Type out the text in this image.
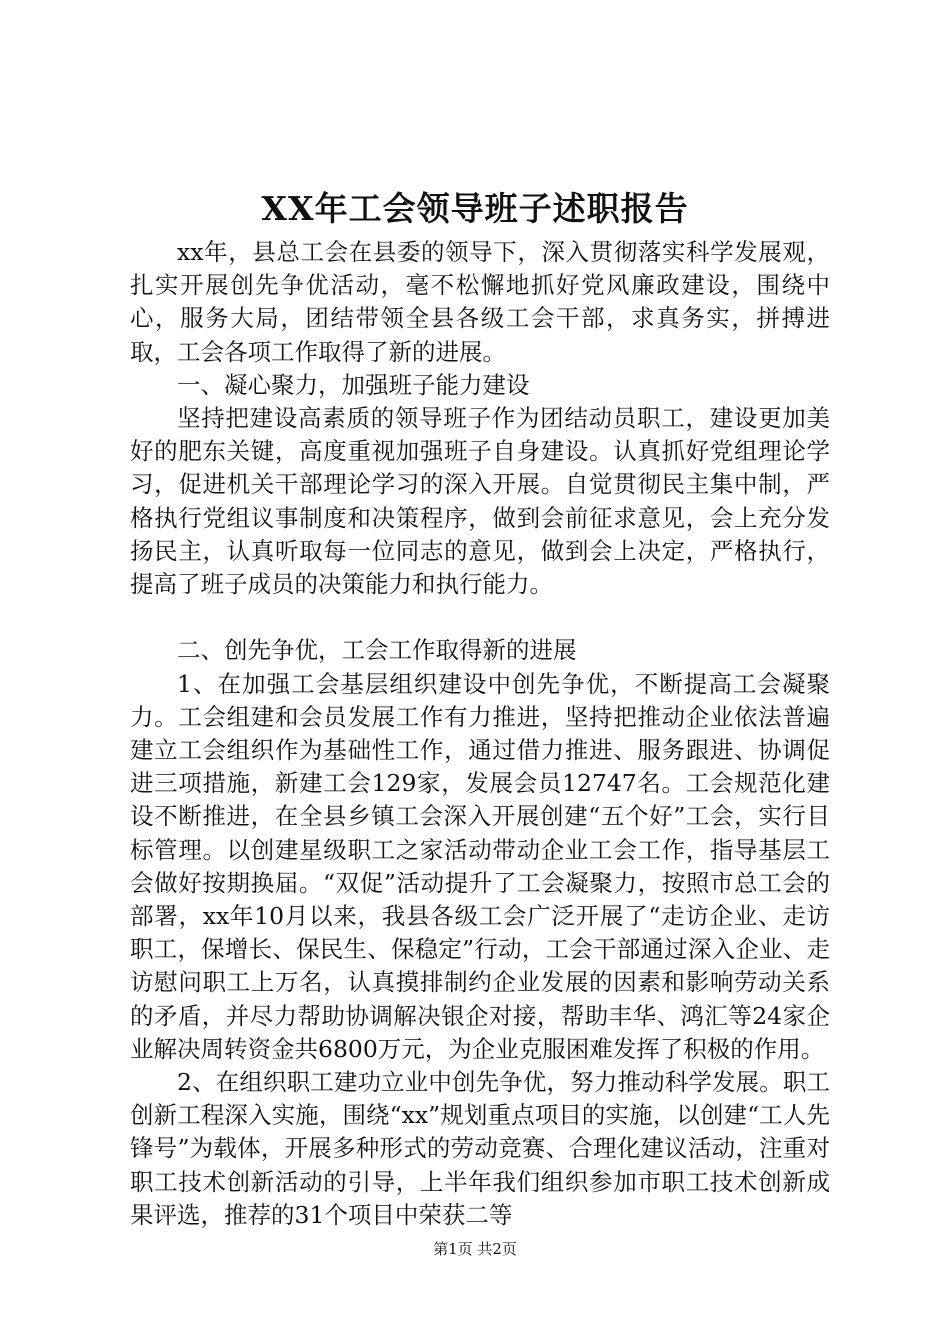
XX年工会领导班子述职报告

xx年，县总工会在县委的领导下，深入贯彻落实科学发展观，扎实开展创先争优活动，毫不松懈地抓好党风廉政建设，围绕中心，服务大局，团结带领全县各级工会干部，求真务实，拼搏进取，工会各项工作取得了新的进展。

一、凝心聚力，加强班子能力建设

坚持把建设高素质的领导班子作为团结动员职工，建设更加美好的肥东关键，高度重视加强班子自身建设。认真抓好党组理论学习，促进机关干部理论学习的深入开展。自觉贯彻民主集中制，严格执行党组议事制度和决策程序，做到会前征求意见，会上充分发扬民主，认真听取每一位同志的意见，做到会上决定，严格执行，提高了班子成员的决策能力和执行能力。

二、创先争优，工会工作取得新的进展

1、在加强工会基层组织建设中创先争优，不断提高工会凝聚力。工会组建和会员发展工作有力推进，坚持把推动企业依法普遍建立工会组织作为基础性工作，通过借力推进、服务跟进、协调促进三项措施，新建工会129家，发展会员12747名。工会规范化建设不断推进，在全县乡镇工会深入开展创建“五个好”工会，实行目标管理。以创建星级职工之家活动带动企业工会工作，指导基层工会做好按期换届。“双促”活动提升了工会凝聚力，按照市总工会的部署，xx年10月以来，我县各级工会广泛开展了“走访企业、走访职工，保增长、保民生、保稳定”行动，工会干部通过深入企业、走访慰问职工上万名，认真摸排制约企业发展的因素和影响劳动关系的矛盾，并尽力帮助协调解决银企对接，帮助丰华、鸿汇等24家企业解决周转资金共6800万元，为企业克服困难发挥了积极的作用。

2、在组织职工建功立业中创先争优，努力推动科学发展。职工创新工程深入实施，围绕“xx”规划重点项目的实施，以创建“工人先锋号”为载体，开展多种形式的劳动竞赛、合理化建议活动，注重对职工技术创新活动的引导，上半年我们组织参加市职工技术创新成果评选，推荐的31个项目中荣获二等

第1页 共2页
